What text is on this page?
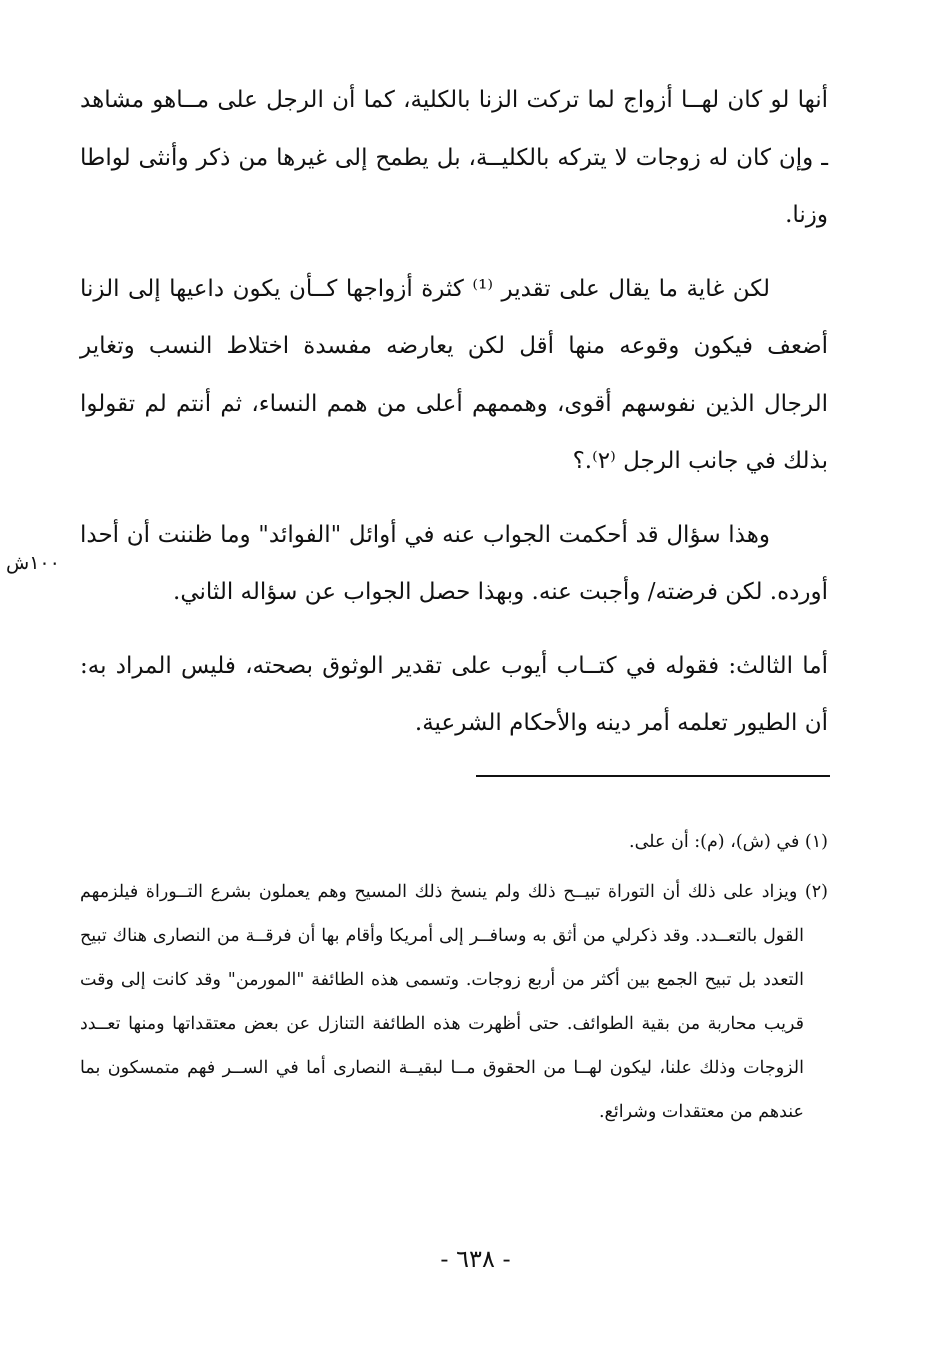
أنها لو كان لهــا أزواج لما تركت الزنا بالكلية، كما أن الرجل على مــاهو مشاهد ـ وإن كان له زوجات لا يتركه بالكليــة، بل يطمح إلى غيرها من ذكر وأنثى لواطا وزنا.

لكن غاية ما يقال على تقدير ⁽¹⁾ كثرة أزواجها كــأن يكون داعيها إلى الزنا أضعف فيكون وقوعه منها أقل لكن يعارضه مفسدة اختلاط النسب وتغاير الرجال الذين نفوسهم أقوى، وهممهم أعلى من همم النساء، ثم أنتم لم تقولوا بذلك في جانب الرجل ⁽٢⁾.؟

وهذا سؤال قد أحكمت الجواب عنه في أوائل "الفوائد" وما ظننت أن أحدا أورده. لكن فرضته/ وأجبت عنه. وبهذا حصل الجواب عن سؤاله الثاني.

أما الثالث: فقوله في كتــاب أيوب على تقدير الوثوق بصحته، فليس المراد به: أن الطيور تعلمه أمر دينه والأحكام الشرعية.

١٠٠ش

(١) في (ش)، (م): أن على.

(٢) ويزاد على ذلك أن التوراة تبيــح ذلك ولم ينسخ ذلك المسيح وهم يعملون بشرع التــوراة فيلزمهم القول بالتعــدد. وقد ذكرلي من أثق به وسافــر إلى أمريكا وأقام بها أن فرقــة من النصارى هناك تبيح التعدد بل تبيح الجمع بين أكثر من أربع زوجات. وتسمى هذه الطائفة "المورمن" وقد كانت إلى وقت قريب محاربة من بقية الطوائف. حتى أظهرت هذه الطائفة التنازل عن بعض معتقداتها ومنها تعــدد الزوجات وذلك علنا، ليكون لهــا من الحقوق مــا لبقيــة النصارى أما في الســر فهم متمسكون بما عندهم من معتقدات وشرائع.

- ٦٣٨ -
